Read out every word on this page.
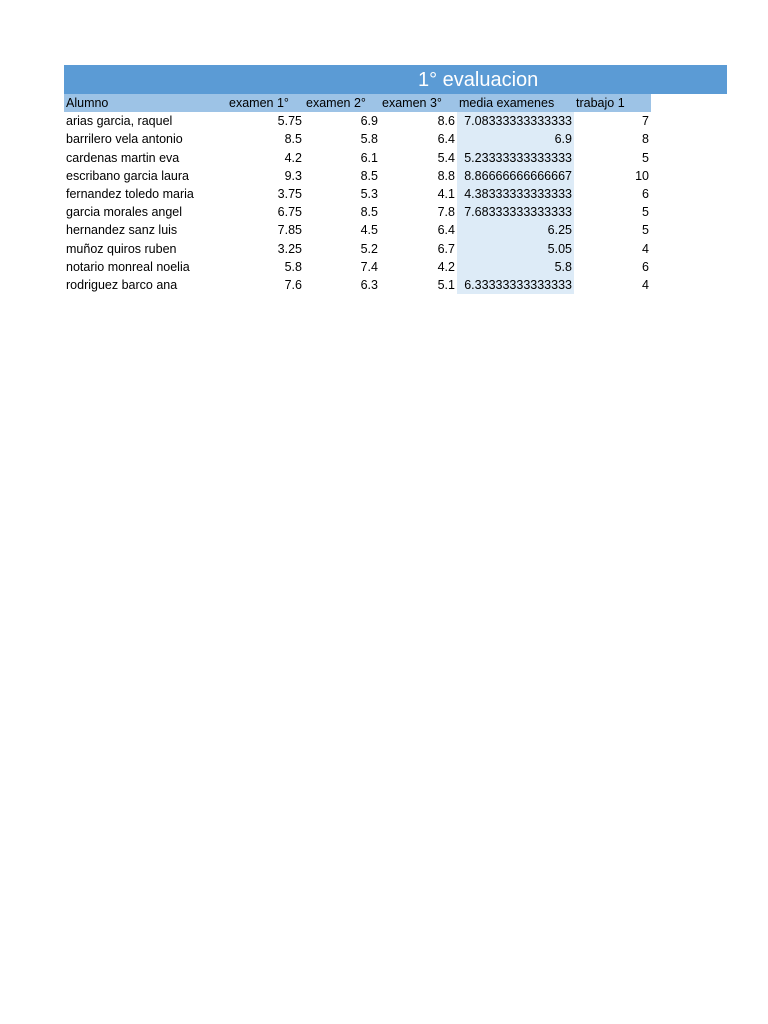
1° evaluacion
Alumno	examen 1°	examen 2°	examen 3°	media examenes	trabajo 1
arias garcia, raquel	5.75	6.9	8.6	7.08333333333333	7
barrilero vela antonio	8.5	5.8	6.4	6.9	8
cardenas martin eva	4.2	6.1	5.4	5.23333333333333	5
escribano garcia laura	9.3	8.5	8.8	8.86666666666667	10
fernandez toledo maria	3.75	5.3	4.1	4.38333333333333	6
garcia morales angel	6.75	8.5	7.8	7.68333333333333	5
hernandez sanz luis	7.85	4.5	6.4	6.25	5
muñoz quiros ruben	3.25	5.2	6.7	5.05	4
notario monreal noelia	5.8	7.4	4.2	5.8	6
rodriguez barco ana	7.6	6.3	5.1	6.33333333333333	4
